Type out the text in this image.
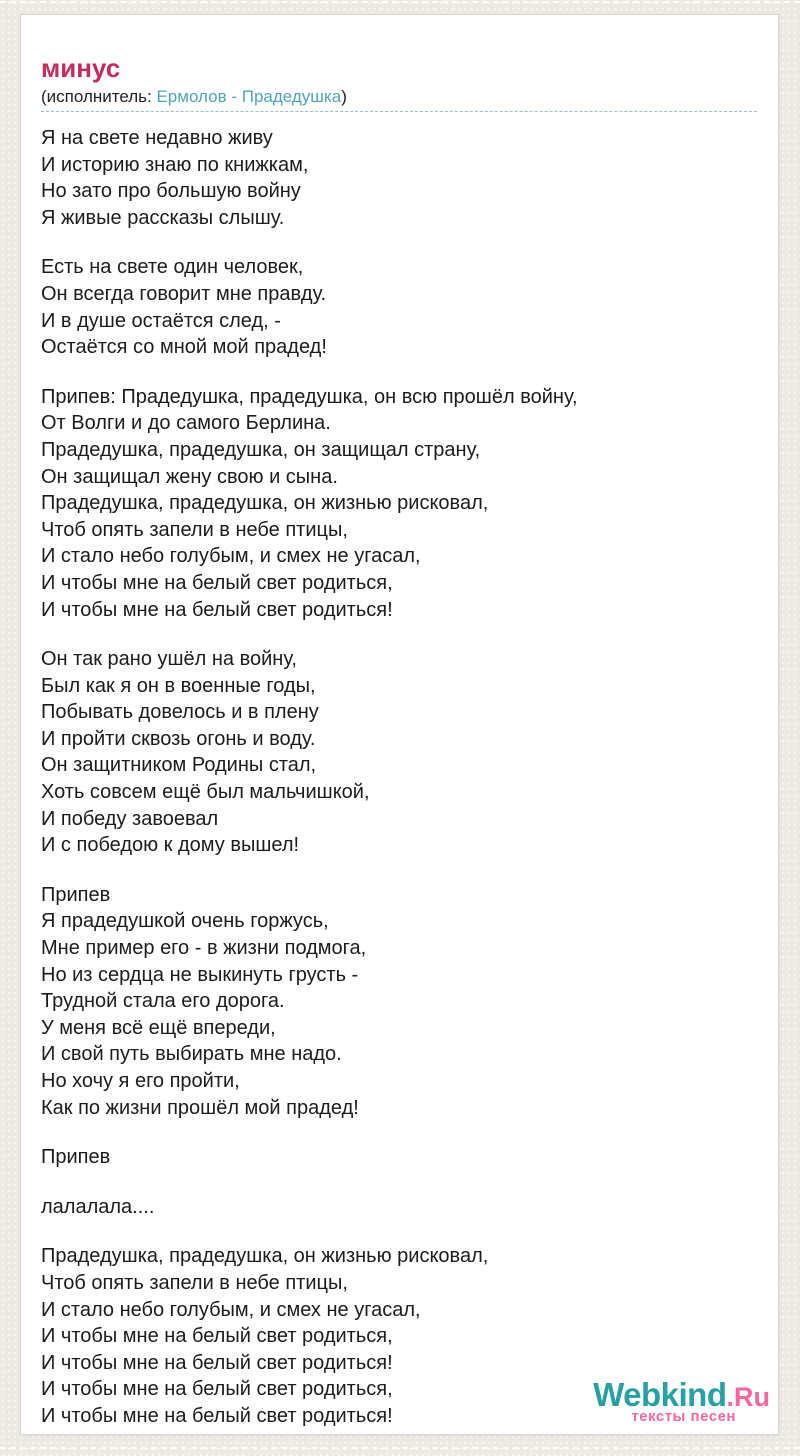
минус
(исполнитель: Ермолов - Прадедушка)
Я на свете недавно живу
И историю знаю по книжкам,
Но зато про большую войну
Я живые рассказы слышу.
Есть на свете один человек,
Он всегда говорит мне правду.
И в душе остаётся след, -
Остаётся со мной мой прадед!
Припев: Прадедушка, прадедушка, он всю прошёл войну,
От Волги и до самого Берлина.
Прадедушка, прадедушка, он защищал страну,
Он защищал жену свою и сына.
Прадедушка, прадедушка, он жизнью рисковал,
Чтоб опять запели в небе птицы,
И стало небо голубым, и смех не угасал,
И чтобы мне на белый свет родиться,
И чтобы мне на белый свет родиться!
Он так рано ушёл на войну,
Был как я он в военные годы,
Побывать довелось и в плену
И пройти сквозь огонь и воду.
Он защитником Родины стал,
Хоть совсем ещё был мальчишкой,
И победу завоевал
И с победою к дому вышел!
Припев
Я прадедушкой очень горжусь,
Мне пример его - в жизни подмога,
Но из сердца не выкинуть грусть -
Трудной стала его дорога.
У меня всё ещё впереди,
И свой путь выбирать мне надо.
Но хочу я его пройти,
Как по жизни прошёл мой прадед!
Припев
лалалала....
Прадедушка, прадедушка, он жизнью рисковал,
Чтоб опять запели в небе птицы,
И стало небо голубым, и смех не угасал,
И чтобы мне на белый свет родиться,
И чтобы мне на белый свет родиться!
И чтобы мне на белый свет родиться,
И чтобы мне на белый свет родиться!
Webkind.Ru
тексты песен
